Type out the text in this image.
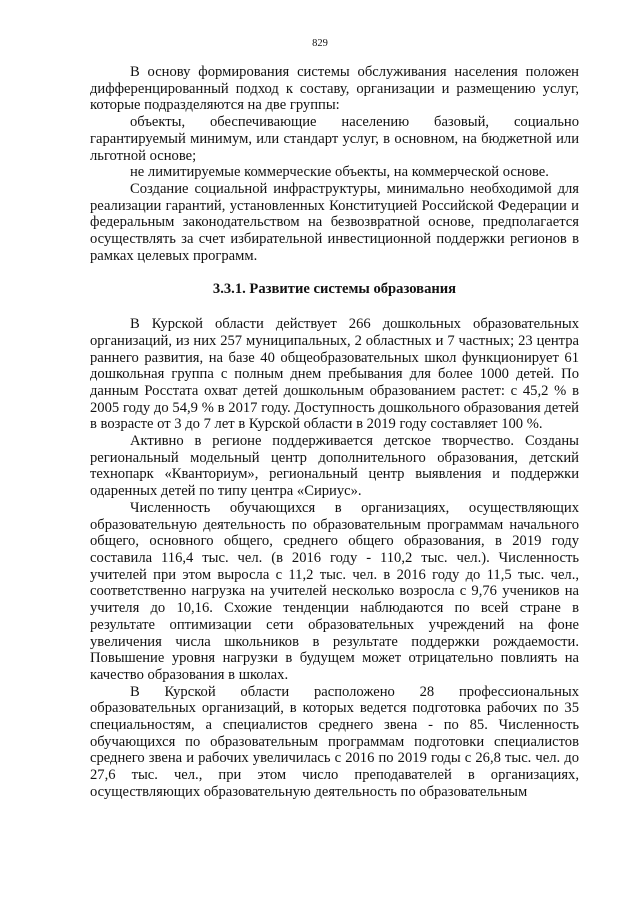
829

В основу формирования системы обслуживания населения положен дифференцированный подход к составу, организации и размещению услуг, которые подразделяются на две группы:

объекты, обеспечивающие населению базовый, социально гарантируемый минимум, или стандарт услуг, в основном, на бюджетной или льготной основе;

не лимитируемые коммерческие объекты, на коммерческой основе.

Создание социальной инфраструктуры, минимально необходимой для реализации гарантий, установленных Конституцией Российской Федерации и федеральным законодательством на безвозвратной основе, предполагается осуществлять за счет избирательной инвестиционной поддержки регионов в рамках целевых программ.

3.3.1. Развитие системы образования

В Курской области действует 266 дошкольных образовательных организаций, из них 257 муниципальных, 2 областных и 7 частных; 23 центра раннего развития, на базе 40 общеобразовательных школ функционирует 61 дошкольная группа с полным днем пребывания для более 1000 детей. По данным Росстата охват детей дошкольным образованием растет: с 45,2 % в 2005 году до 54,9 % в 2017 году. Доступность дошкольного образования детей в возрасте от 3 до 7 лет в Курской области в 2019 году составляет 100 %.

Активно в регионе поддерживается детское творчество. Созданы региональный модельный центр дополнительного образования, детский технопарк «Кванториум», региональный центр выявления и поддержки одаренных детей по типу центра «Сириус».

Численность обучающихся в организациях, осуществляющих образовательную деятельность по образовательным программам начального общего, основного общего, среднего общего образования, в 2019 году составила 116,4 тыс. чел. (в 2016 году - 110,2 тыс. чел.). Численность учителей при этом выросла с 11,2 тыс. чел. в 2016 году до 11,5 тыс. чел., соответственно нагрузка на учителей несколько возросла с 9,76 учеников на учителя до 10,16. Схожие тенденции наблюдаются по всей стране в результате оптимизации сети образовательных учреждений на фоне увеличения числа школьников в результате поддержки рождаемости. Повышение уровня нагрузки в будущем может отрицательно повлиять на качество образования в школах.

В Курской области расположено 28 профессиональных образовательных организаций, в которых ведется подготовка рабочих по 35 специальностям, а специалистов среднего звена - по 85. Численность обучающихся по образовательным программам подготовки специалистов среднего звена и рабочих увеличилась с 2016 по 2019 годы с 26,8 тыс. чел. до 27,6 тыс. чел., при этом число преподавателей в организациях, осуществляющих образовательную деятельность по образовательным
